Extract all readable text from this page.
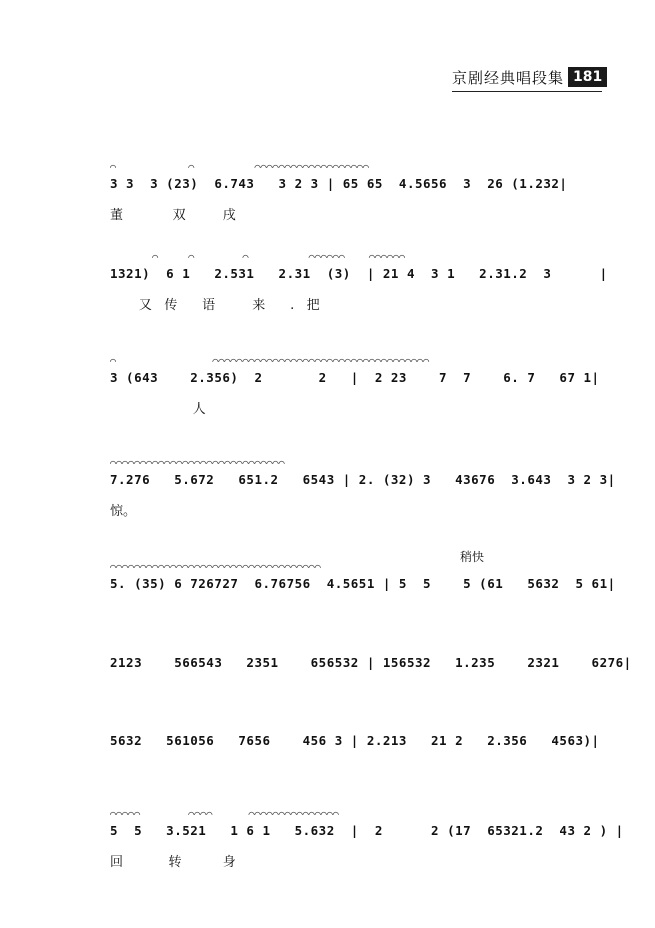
京剧经典唱段集 181
稍快
⌒            ⌒          ⌒⌒⌒⌒⌒⌒⌒⌒⌒⌒⌒⌒⌒⌒⌒⌒⌒⌒⌒
3 3  3 (23)  6.743   3 2 3 | 65 65  4.5656  3  26 (1.232|
董            双         戌
⌒     ⌒        ⌒          ⌒⌒⌒⌒⌒⌒    ⌒⌒⌒⌒⌒⌒
1321)  6 1   2.531   2.31  (3)  | 21 4  3 1   2.31.2  3      |
又   传      语         来      .   把
⌒                ⌒⌒⌒⌒⌒⌒⌒⌒⌒⌒⌒⌒⌒⌒⌒⌒⌒⌒⌒⌒⌒⌒⌒⌒⌒⌒⌒⌒⌒⌒⌒⌒⌒⌒⌒⌒
3 (643    2.356)  2       2   |  2 23    7  7    6. 7   67 1|
人
⌒⌒⌒⌒⌒⌒⌒⌒⌒⌒⌒⌒⌒⌒⌒⌒⌒⌒⌒⌒⌒⌒⌒⌒⌒⌒⌒⌒⌒
7.276   5.672   651.2   6543 | 2. (32) 3   43676  3.643  3 2 3|
惊。
⌒⌒⌒⌒⌒⌒⌒⌒⌒⌒⌒⌒⌒⌒⌒⌒⌒⌒⌒⌒⌒⌒⌒⌒⌒⌒⌒⌒⌒⌒⌒⌒⌒⌒⌒
5. (35) 6 726727  6.76756  4.5651 | 5  5    5 (61   5632  5 61|
2123    566543   2351    656532 | 156532   1.235    2321    6276|
5632   561056   7656    456 3 | 2.213   21 2   2.356   4563)|
⌒⌒⌒⌒⌒        ⌒⌒⌒⌒      ⌒⌒⌒⌒⌒⌒⌒⌒⌒⌒⌒⌒⌒⌒⌒
5  5   3.521   1 6 1   5.632  |  2      2 (17  65321.2  43 2 ) |
回           转          身
